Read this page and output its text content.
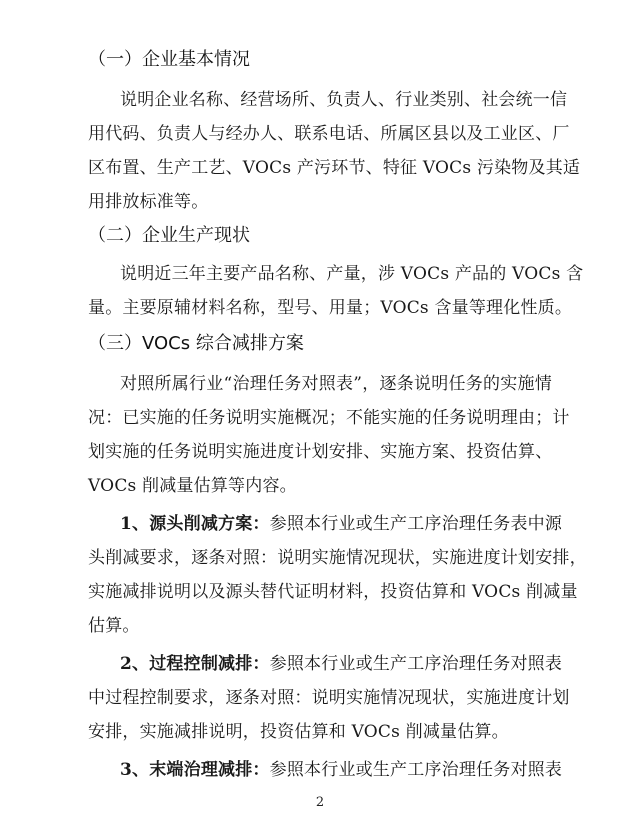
（一）企业基本情况
说明企业名称、经营场所、负责人、行业类别、社会统一信
用代码、负责人与经办人、联系电话、所属区县以及工业区、厂
区布置、生产工艺、VOCs 产污环节、特征 VOCs 污染物及其适
用排放标准等。
（二）企业生产现状
说明近三年主要产品名称、产量，涉 VOCs 产品的 VOCs 含
量。主要原辅材料名称，型号、用量；VOCs 含量等理化性质。
（三）VOCs 综合减排方案
对照所属行业“治理任务对照表”，逐条说明任务的实施情
况：已实施的任务说明实施概况；不能实施的任务说明理由；计
划实施的任务说明实施进度计划安排、实施方案、投资估算、
VOCs 削减量估算等内容。
1、源头削减方案：参照本行业或生产工序治理任务表中源
头削减要求，逐条对照：说明实施情况现状，实施进度计划安排，
实施减排说明以及源头替代证明材料，投资估算和 VOCs 削减量
估算。
2、过程控制减排：参照本行业或生产工序治理任务对照表
中过程控制要求，逐条对照：说明实施情况现状，实施进度计划
安排，实施减排说明，投资估算和 VOCs 削减量估算。
3、末端治理减排：参照本行业或生产工序治理任务对照表
2
